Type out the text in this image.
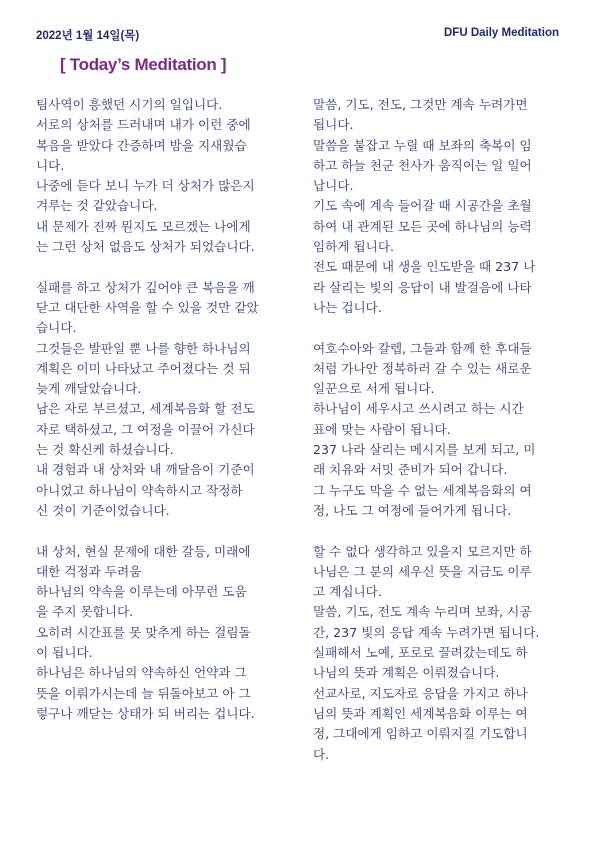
2022년 1월 14일(목)	DFU Daily Meditation
[ Today’s Meditation ]
팀사역이 흥했던 시기의 일입니다.
서로의 상처를 드러내며 내가 이런 중에
복음을 받았다 간증하며 밤을 지새웠습
니다.
나중에 듣다 보니 누가 더 상처가 많은지
겨루는 것 같았습니다.
내 문제가 진짜 뭔지도 모르겠는 나에게
는 그런 상처 없음도 상처가 되었습니다.
실패를 하고 상처가 깊어야 큰 복음을 깨
닫고 대단한 사역을 할 수 있을 것만 같았
습니다.
그것들은 발판일 뿐 나를 향한 하나님의
계획은 이미 나타났고 주어졌다는 것 뒤
늦게 깨달았습니다.
남은 자로 부르셨고, 세계복음화 할 전도
자로 택하셨고, 그 여정을 이끌어 가신다
는 것 확신케 하셨습니다.
내 경험과 내 상처와 내 깨달음이 기준이
아니었고 하나님이 약속하시고 작정하
신 것이 기준이었습니다.
내 상처, 현실 문제에 대한 갈등, 미래에
대한 걱정과 두려움
하나님의 약속을 이루는데 아무런 도움
을 주지 못합니다.
오히려 시간표를 못 맞추게 하는 걸림돌
이 됩니다.
하나님은 하나님의 약속하신 언약과 그
뜻을 이뤄가시는데 늘 뒤돌아보고 아 그
렇구나 깨닫는 상태가 되 버리는 겁니다.
말씀, 기도, 전도, 그것만 계속 누려가면
됩니다.
말씀을 붙잡고 누릴 때 보좌의 축복이 임
하고 하늘 천군 천사가 움직이는 일 일어
납니다.
기도 속에 계속 들어갈 때 시공간을 초월
하여 내 관계된 모든 곳에 하나님의 능력
임하게 됩니다.
전도 때문에 내 생을 인도받을 때 237 나
라 살리는 빛의 응답이 내 발걸음에 나타
나는 겁니다.
여호수아와 갈렙, 그들과 함께 한 후대들
처럼 가나안 정복하러 갈 수 있는 새로운
일꾼으로 서게 됩니다.
하나님이 세우시고 쓰시려고 하는 시간
표에 맞는 사람이 됩니다.
237 나라 살리는 메시지를 보게 되고, 미
래 치유와 서밋 준비가 되어 갑니다.
그 누구도 막을 수 없는 세계복음화의 여
정, 나도 그 여정에 들어가게 됩니다.
할 수 없다 생각하고 있을지 모르지만 하
나님은 그 분의 세우신 뜻을 지금도 이루
고 계십니다.
말씀, 기도, 전도 계속 누리며 보좌, 시공
간, 237 빛의 응답 계속 누려가면 됩니다.
실패해서 노예, 포로로 끌려갔는데도 하
나님의 뜻과 계획은 이뤄졌습니다.
선교사로, 지도자로 응답을 가지고 하나
님의 뜻과 계획인 세계복음화 이루는 여
정, 그대에게 임하고 이뤄지길 기도합니
다.
